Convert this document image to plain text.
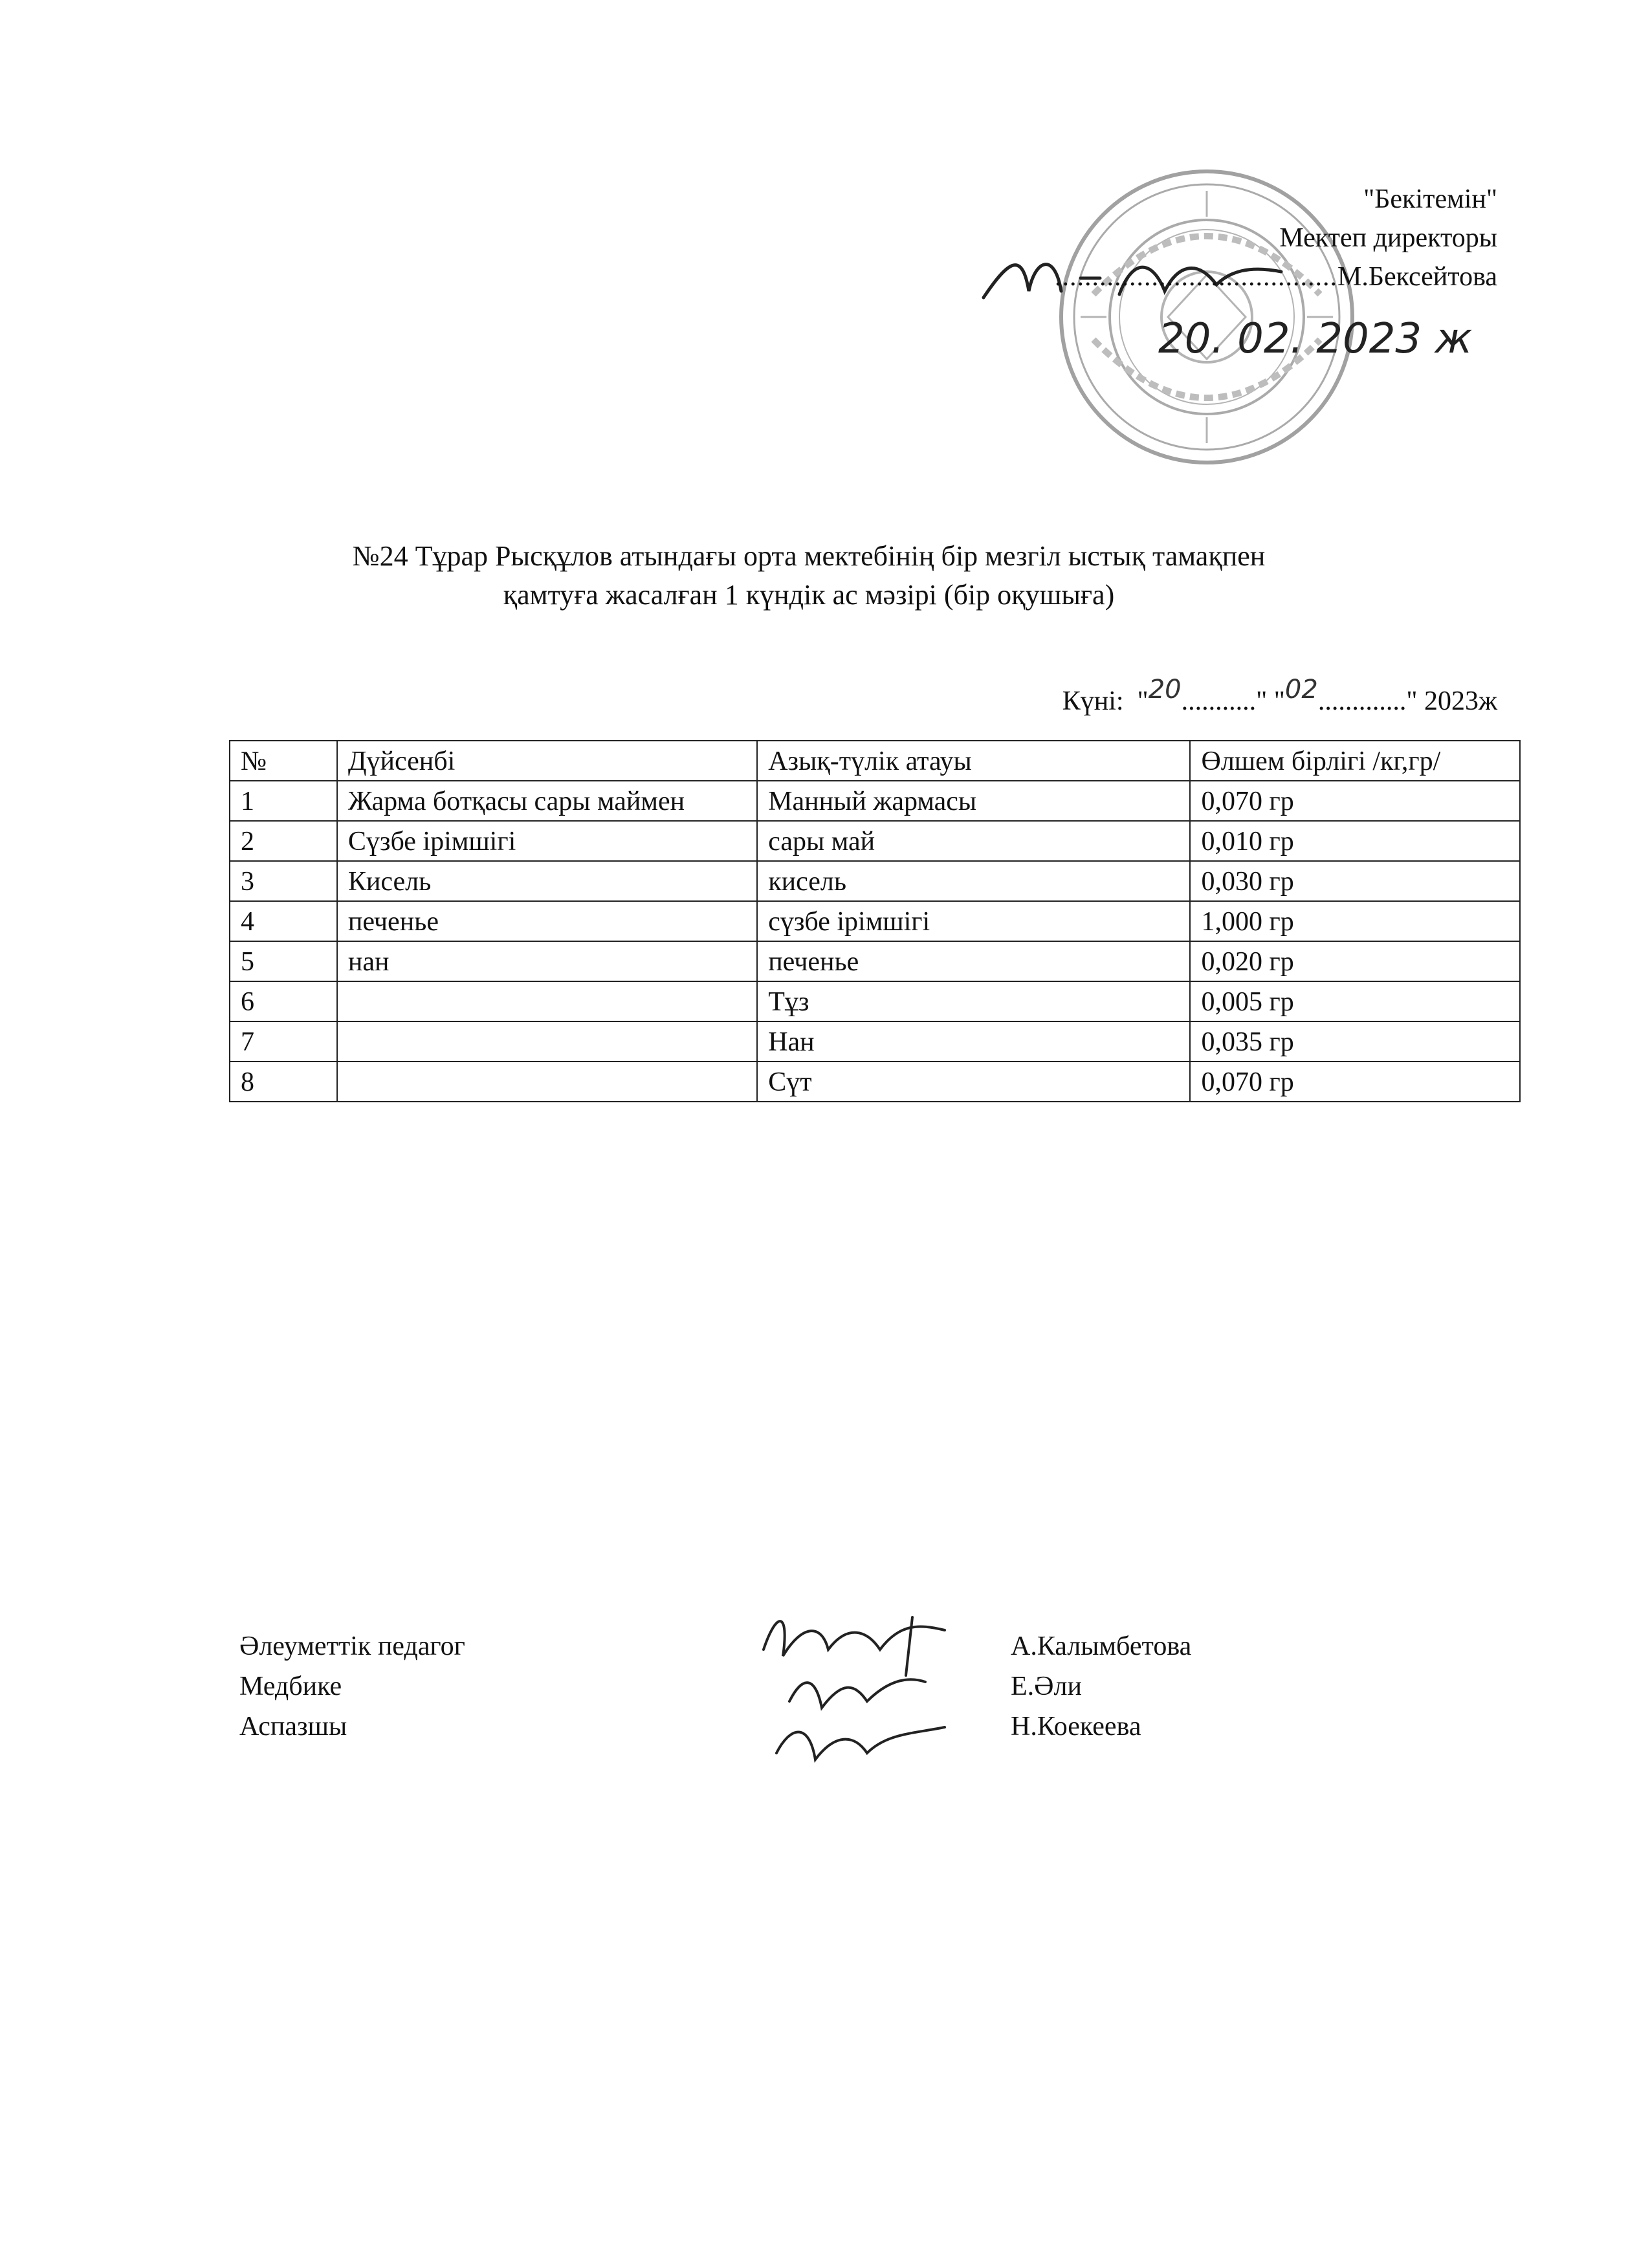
20. 02. 2023 ж
"Бекітемін"
Мектеп директоры
......................................М.Бексейтова
№24 Тұрар Рысқұлов атындағы орта мектебінің бір мезгіл ыстық тамақпен
қамтуға жасалған 1 күндік ас мәзірі (бір оқушыға)
Күні: "20..........." "02............." 2023ж
№	Дүйсенбі	Азық-түлік атауы	Өлшем бірлігі /кг,гр/
1	Жарма ботқасы сары маймен	Манный жармасы	0,070 гр
2	Сүзбе ірімшігі	сары май	0,010 гр
3	Кисель	кисель	0,030 гр
4	печенье	сүзбе ірімшігі	1,000 гр
5	нан	печенье	0,020 гр
6		Тұз	0,005 гр
7		Нан	0,035 гр
8		Сүт	0,070 гр
Әлеуметтік педагог
Медбике
Аспазшы
А.Калымбетова
Е.Әли
Н.Коекеева
